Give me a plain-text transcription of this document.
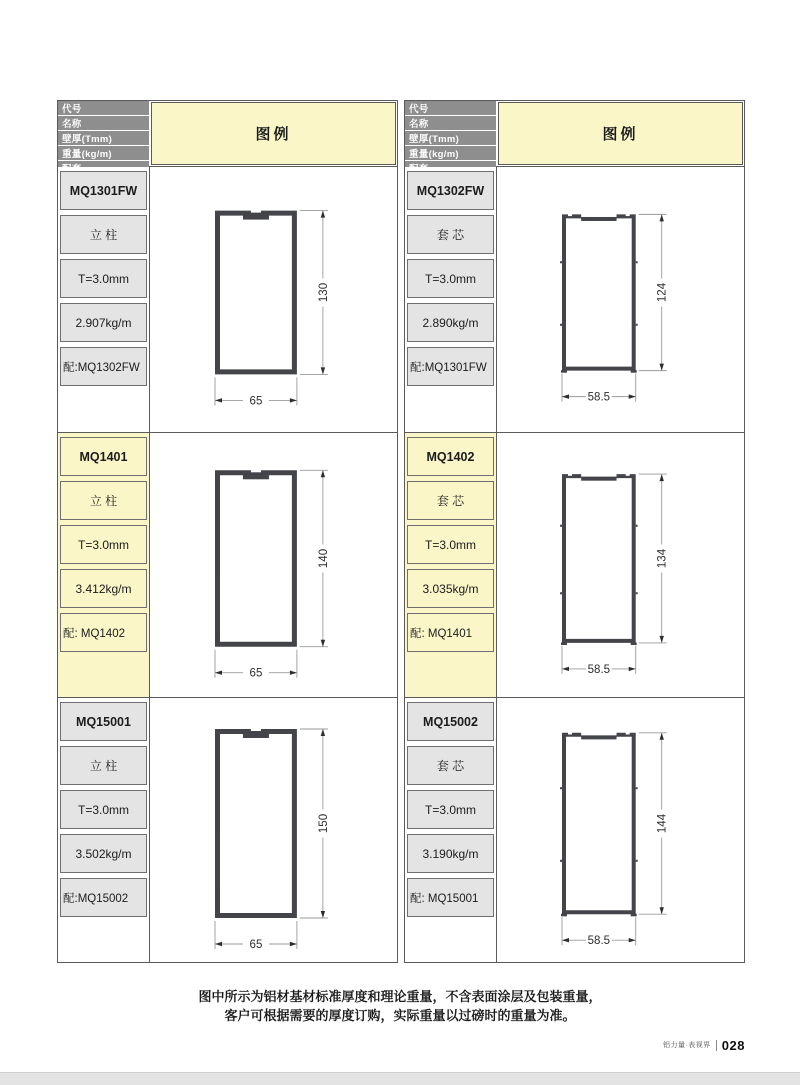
代号
名称
壁厚(Tmm)
重量(kg/m)
图例
MQ1301FW
立 柱
T=3.0mm
2.907kg/m
配:MQ1302FW
65
130
MQ1401
立 柱
T=3.0mm
3.412kg/m
配: MQ1402
65
140
MQ15001
立 柱
T=3.0mm
3.502kg/m
配:MQ15002
65
150
代号
名称
壁厚(Tmm)
重量(kg/m)
图例
MQ1302FW
套 芯
T=3.0mm
2.890kg/m
配:MQ1301FW
58.5
124
MQ1402
套 芯
T=3.0mm
3.035kg/m
配: MQ1401
58.5
134
MQ15002
套 芯
T=3.0mm
3.190kg/m
配: MQ15001
58.5
144
图中所示为铝材基材标准厚度和理论重量，不含表面涂层及包装重量，
客户可根据需要的厚度订购，实际重量以过磅时的重量为准。
铝力量·表视界 028
